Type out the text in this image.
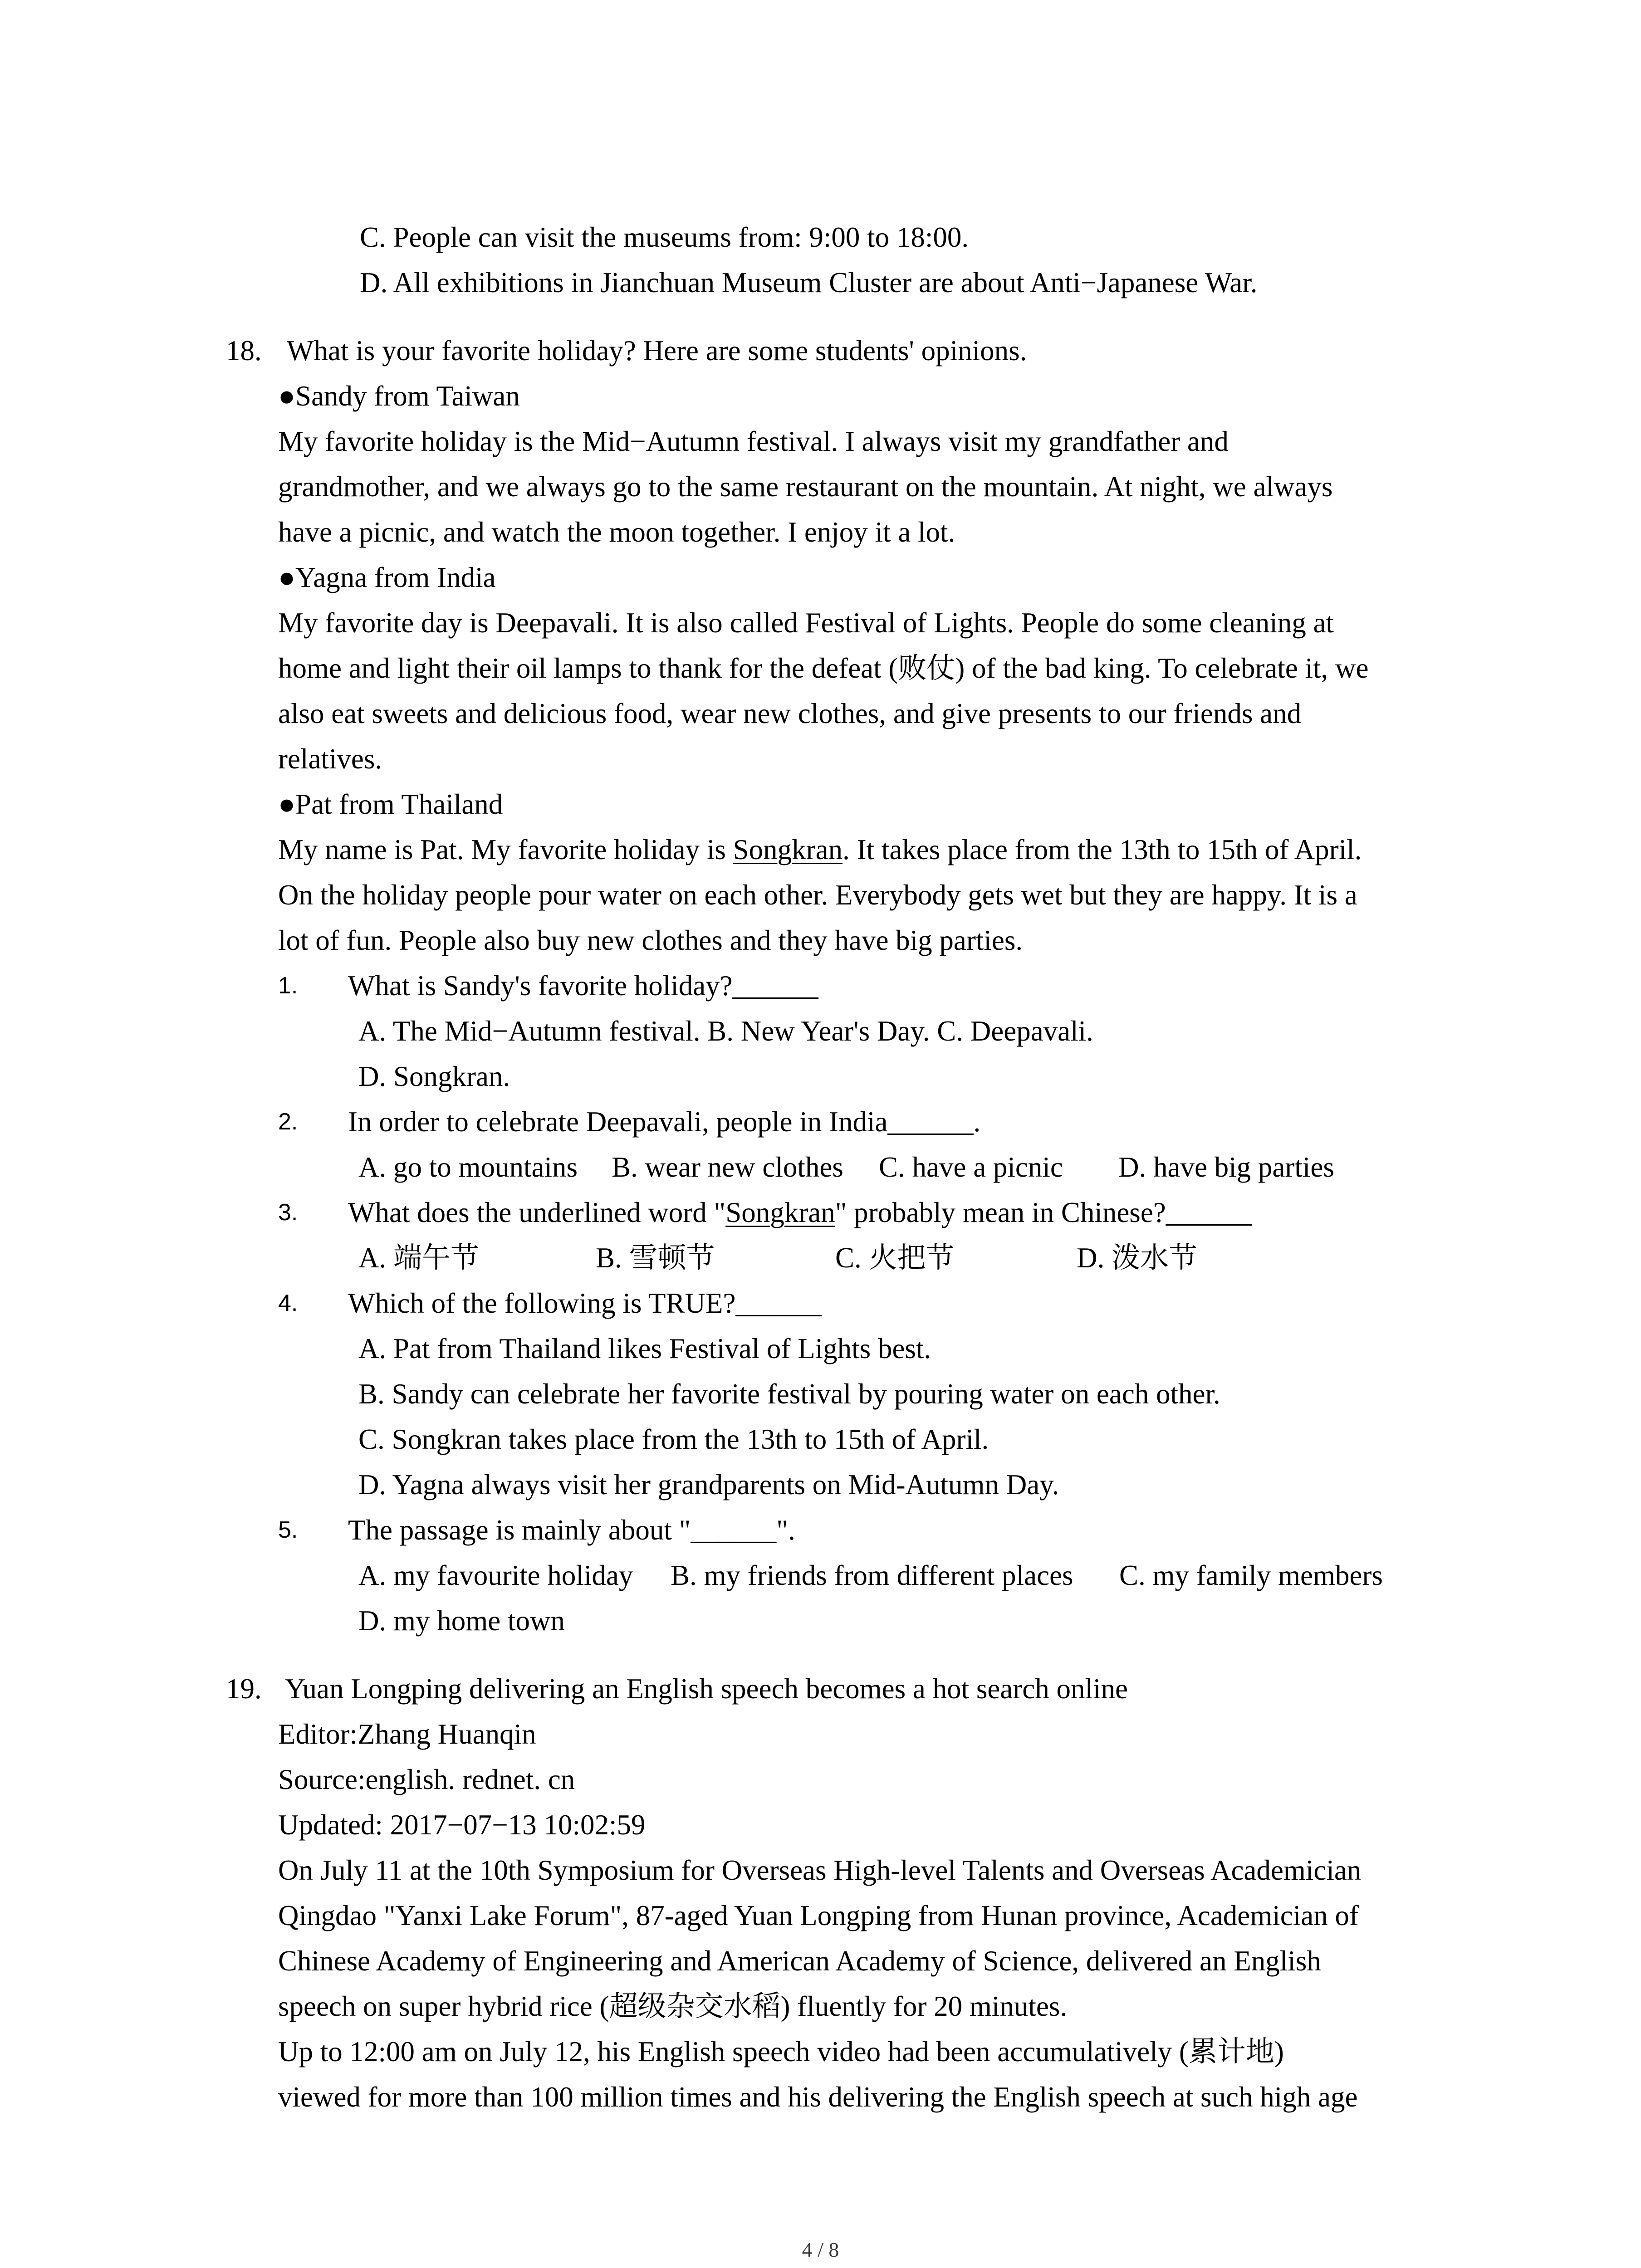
C. People can visit the museums from: 9:00 to 18:00.
D. All exhibitions in Jianchuan Museum Cluster are about Anti−Japanese War.
18. What is your favorite holiday? Here are some students' opinions.
●Sandy from Taiwan
My favorite holiday is the Mid−Autumn festival. I always visit my grandfather and
grandmother, and we always go to the same restaurant on the mountain. At night, we always
have a picnic, and watch the moon together. I enjoy it a lot.
●Yagna from India
My favorite day is Deepavali. It is also called Festival of Lights. People do some cleaning at
home and light their oil lamps to thank for the defeat (败仗) of the bad king. To celebrate it, we
also eat sweets and delicious food, wear new clothes, and give presents to our friends and
relatives.
●Pat from Thailand
My name is Pat. My favorite holiday is Songkran. It takes place from the 13th to 15th of April.
On the holiday people pour water on each other. Everybody gets wet but they are happy. It is a
lot of fun. People also buy new clothes and they have big parties.
1. What is Sandy's favorite holiday?______
A. The Mid−Autumn festival. B. New Year's Day. C. Deepavali.
D. Songkran.
2. In order to celebrate Deepavali, people in India______.
A. go to mountains B. wear new clothes C. have a picnic D. have big parties
3. What does the underlined word "Songkran" probably mean in Chinese?______
A. 端午节	B. 雪顿节	C. 火把节	D. 泼水节
4. Which of the following is TRUE?______
A. Pat from Thailand likes Festival of Lights best.
B. Sandy can celebrate her favorite festival by pouring water on each other.
C. Songkran takes place from the 13th to 15th of April.
D. Yagna always visit her grandparents on Mid-Autumn Day.
5. The passage is mainly about "______".
A. my favourite holiday B. my friends from different places C. my family members
D. my home town
19. Yuan Longping delivering an English speech becomes a hot search online
Editor:Zhang Huanqin
Source:english. rednet. cn
Updated: 2017−07−13 10:02:59
On July 11 at the 10th Symposium for Overseas High-level Talents and Overseas Academician
Qingdao "Yanxi Lake Forum", 87-aged Yuan Longping from Hunan province, Academician of
Chinese Academy of Engineering and American Academy of Science, delivered an English
speech on super hybrid rice (超级杂交水稻) fluently for 20 minutes.
Up to 12:00 am on July 12, his English speech video had been accumulatively (累计地)
viewed for more than 100 million times and his delivering the English speech at such high age
4 / 8
